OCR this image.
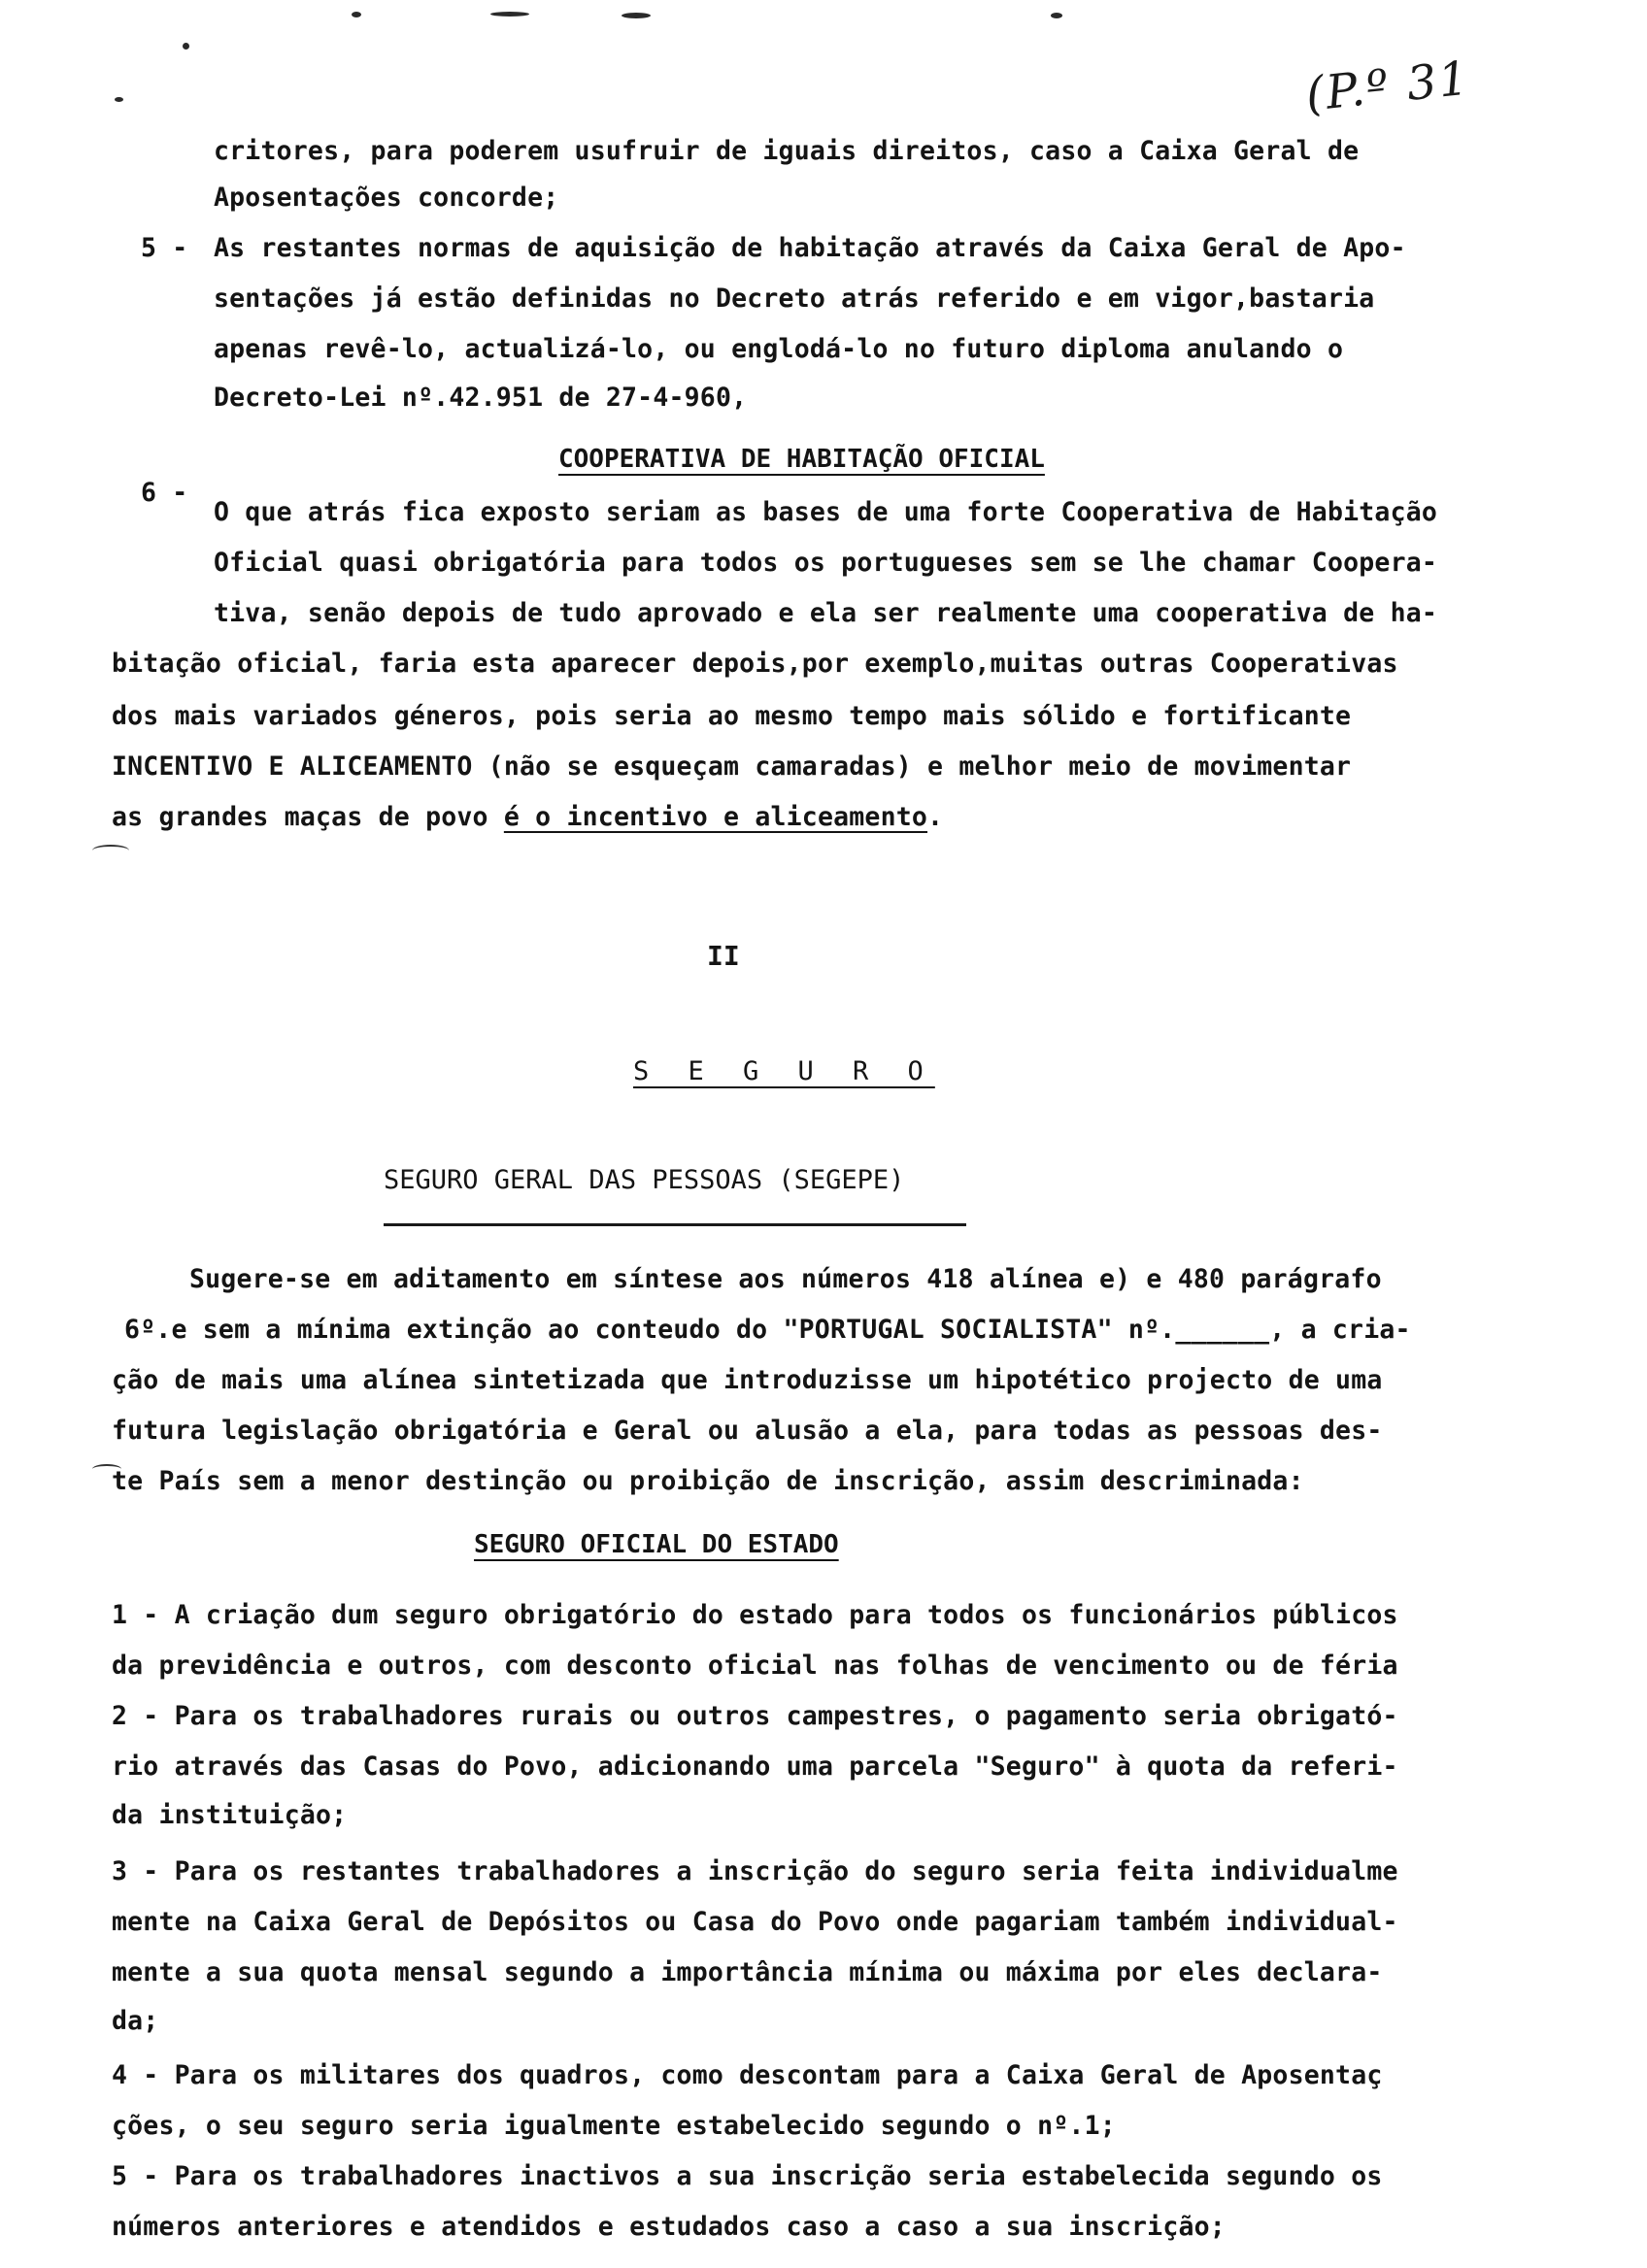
(P.º 31
critores, para poderem usufruir de iguais direitos, caso a Caixa Geral de
Aposentações concorde;
5 - As restantes normas de aquisição de habitação através da Caixa Geral de Apo-
sentações já estão definidas no Decreto atrás referido e em vigor,bastaria
apenas revê-lo, actualizá-lo, ou englodá-lo no futuro diploma anulando o
Decreto-Lei nº.42.951 de 27-4-960,
COOPERATIVA DE HABITAÇÃO OFICIAL
6 -
O que atrás fica exposto seriam as bases de uma forte Cooperativa de Habitação
Oficial quasi obrigatória para todos os portugueses sem se lhe chamar Coopera-
tiva, senão depois de tudo aprovado e ela ser realmente uma cooperativa de ha-
bitação oficial, faria esta aparecer depois,por exemplo,muitas outras Cooperativas
dos mais variados géneros, pois seria ao mesmo tempo mais sólido e fortificante
INCENTIVO E ALICEAMENTO (não se esqueçam camaradas) e melhor meio de movimentar
as grandes maças de povo é o incentivo e aliceamento.
II
S E G U R O
SEGURO GERAL DAS PESSOAS (SEGEPE)
Sugere-se em aditamento em síntese aos números 418 alínea e) e 480 parágrafo
6º.e sem a mínima extinção ao conteudo do "PORTUGAL SOCIALISTA" nº.______, a cria-
ção de mais uma alínea sintetizada que introduzisse um hipotético projecto de uma
futura legislação obrigatória e Geral ou alusão a ela, para todas as pessoas des-
te País sem a menor destinção ou proibição de inscrição, assim descriminada:
SEGURO OFICIAL DO ESTADO
1 - A criação dum seguro obrigatório do estado para todos os funcionários públicos
da previdência e outros, com desconto oficial nas folhas de vencimento ou de féria
2 - Para os trabalhadores rurais ou outros campestres, o pagamento seria obrigató-
rio através das Casas do Povo, adicionando uma parcela "Seguro" à quota da referi-
da instituição;
3 - Para os restantes trabalhadores a inscrição do seguro seria feita individualme
mente na Caixa Geral de Depósitos ou Casa do Povo onde pagariam também individual-
mente a sua quota mensal segundo a importância mínima ou máxima por eles declara-
da;
4 - Para os militares dos quadros, como descontam para a Caixa Geral de Aposentaç
ções, o seu seguro seria igualmente estabelecido segundo o nº.1;
5 - Para os trabalhadores inactivos a sua inscrição seria estabelecida segundo os
números anteriores e atendidos e estudados caso a caso a sua inscrição;
